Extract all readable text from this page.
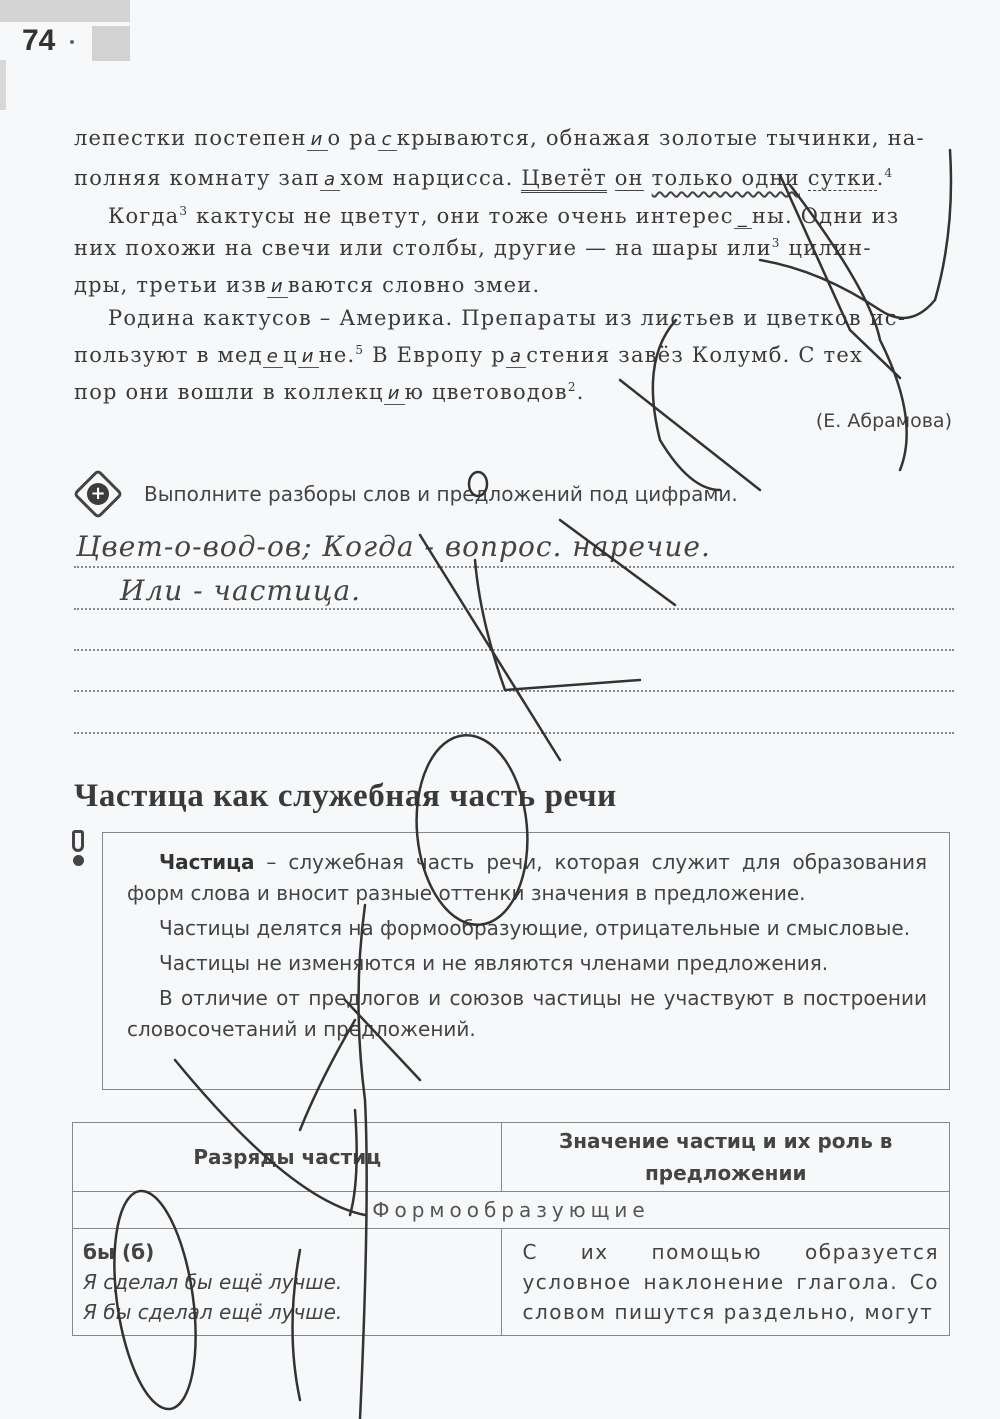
74
лепестки постепен и о ра с крываются, обнажая золотые тычинки, на-
полняя комнату зап а хом нарцисса. Цветёт он только одни сутки.$^4$
Когда$^3$ кактусы не цветут, они тоже очень интерес _ ны. Одни из
них похожи на свечи или столбы, другие — на шары или$^3$ цилин-
дры, третьи изв и ваются словно змеи.
Родина кактусов – Америка. Препараты из листьев и цветков ис-
пользуют в мед е ц и не.$^5$ В Европу р а стения завёз Колумб. С тех
пор они вошли в коллекц и ю цветоводов$^2$.
(Е. Абрамова)
+ Выполните разборы слов и предложений под цифрами.
Цвет-о-вод-ов; Когда - вопрос. наречие.
Или - частица.
Частица как служебная часть речи

Частица – служебная часть речи, которая служит для образования форм слова и вносит разные оттенки значения в предложение.

Частицы делятся на формообразующие, отрицательные и смысловые.

Частицы не изменяются и не являются членами предложения.

В отличие от предлогов и союзов частицы не участвуют в построении словосочетаний и предложений.

Разряды частиц	Значение частиц и их роль в предложении
Формообразующие	

бы (б)
Я сделал бы ещё лучше.
Я бы сделал ещё лучше.	С их помощью образуется условное наклонение глагола. Со словом пишутся раздельно, могут
